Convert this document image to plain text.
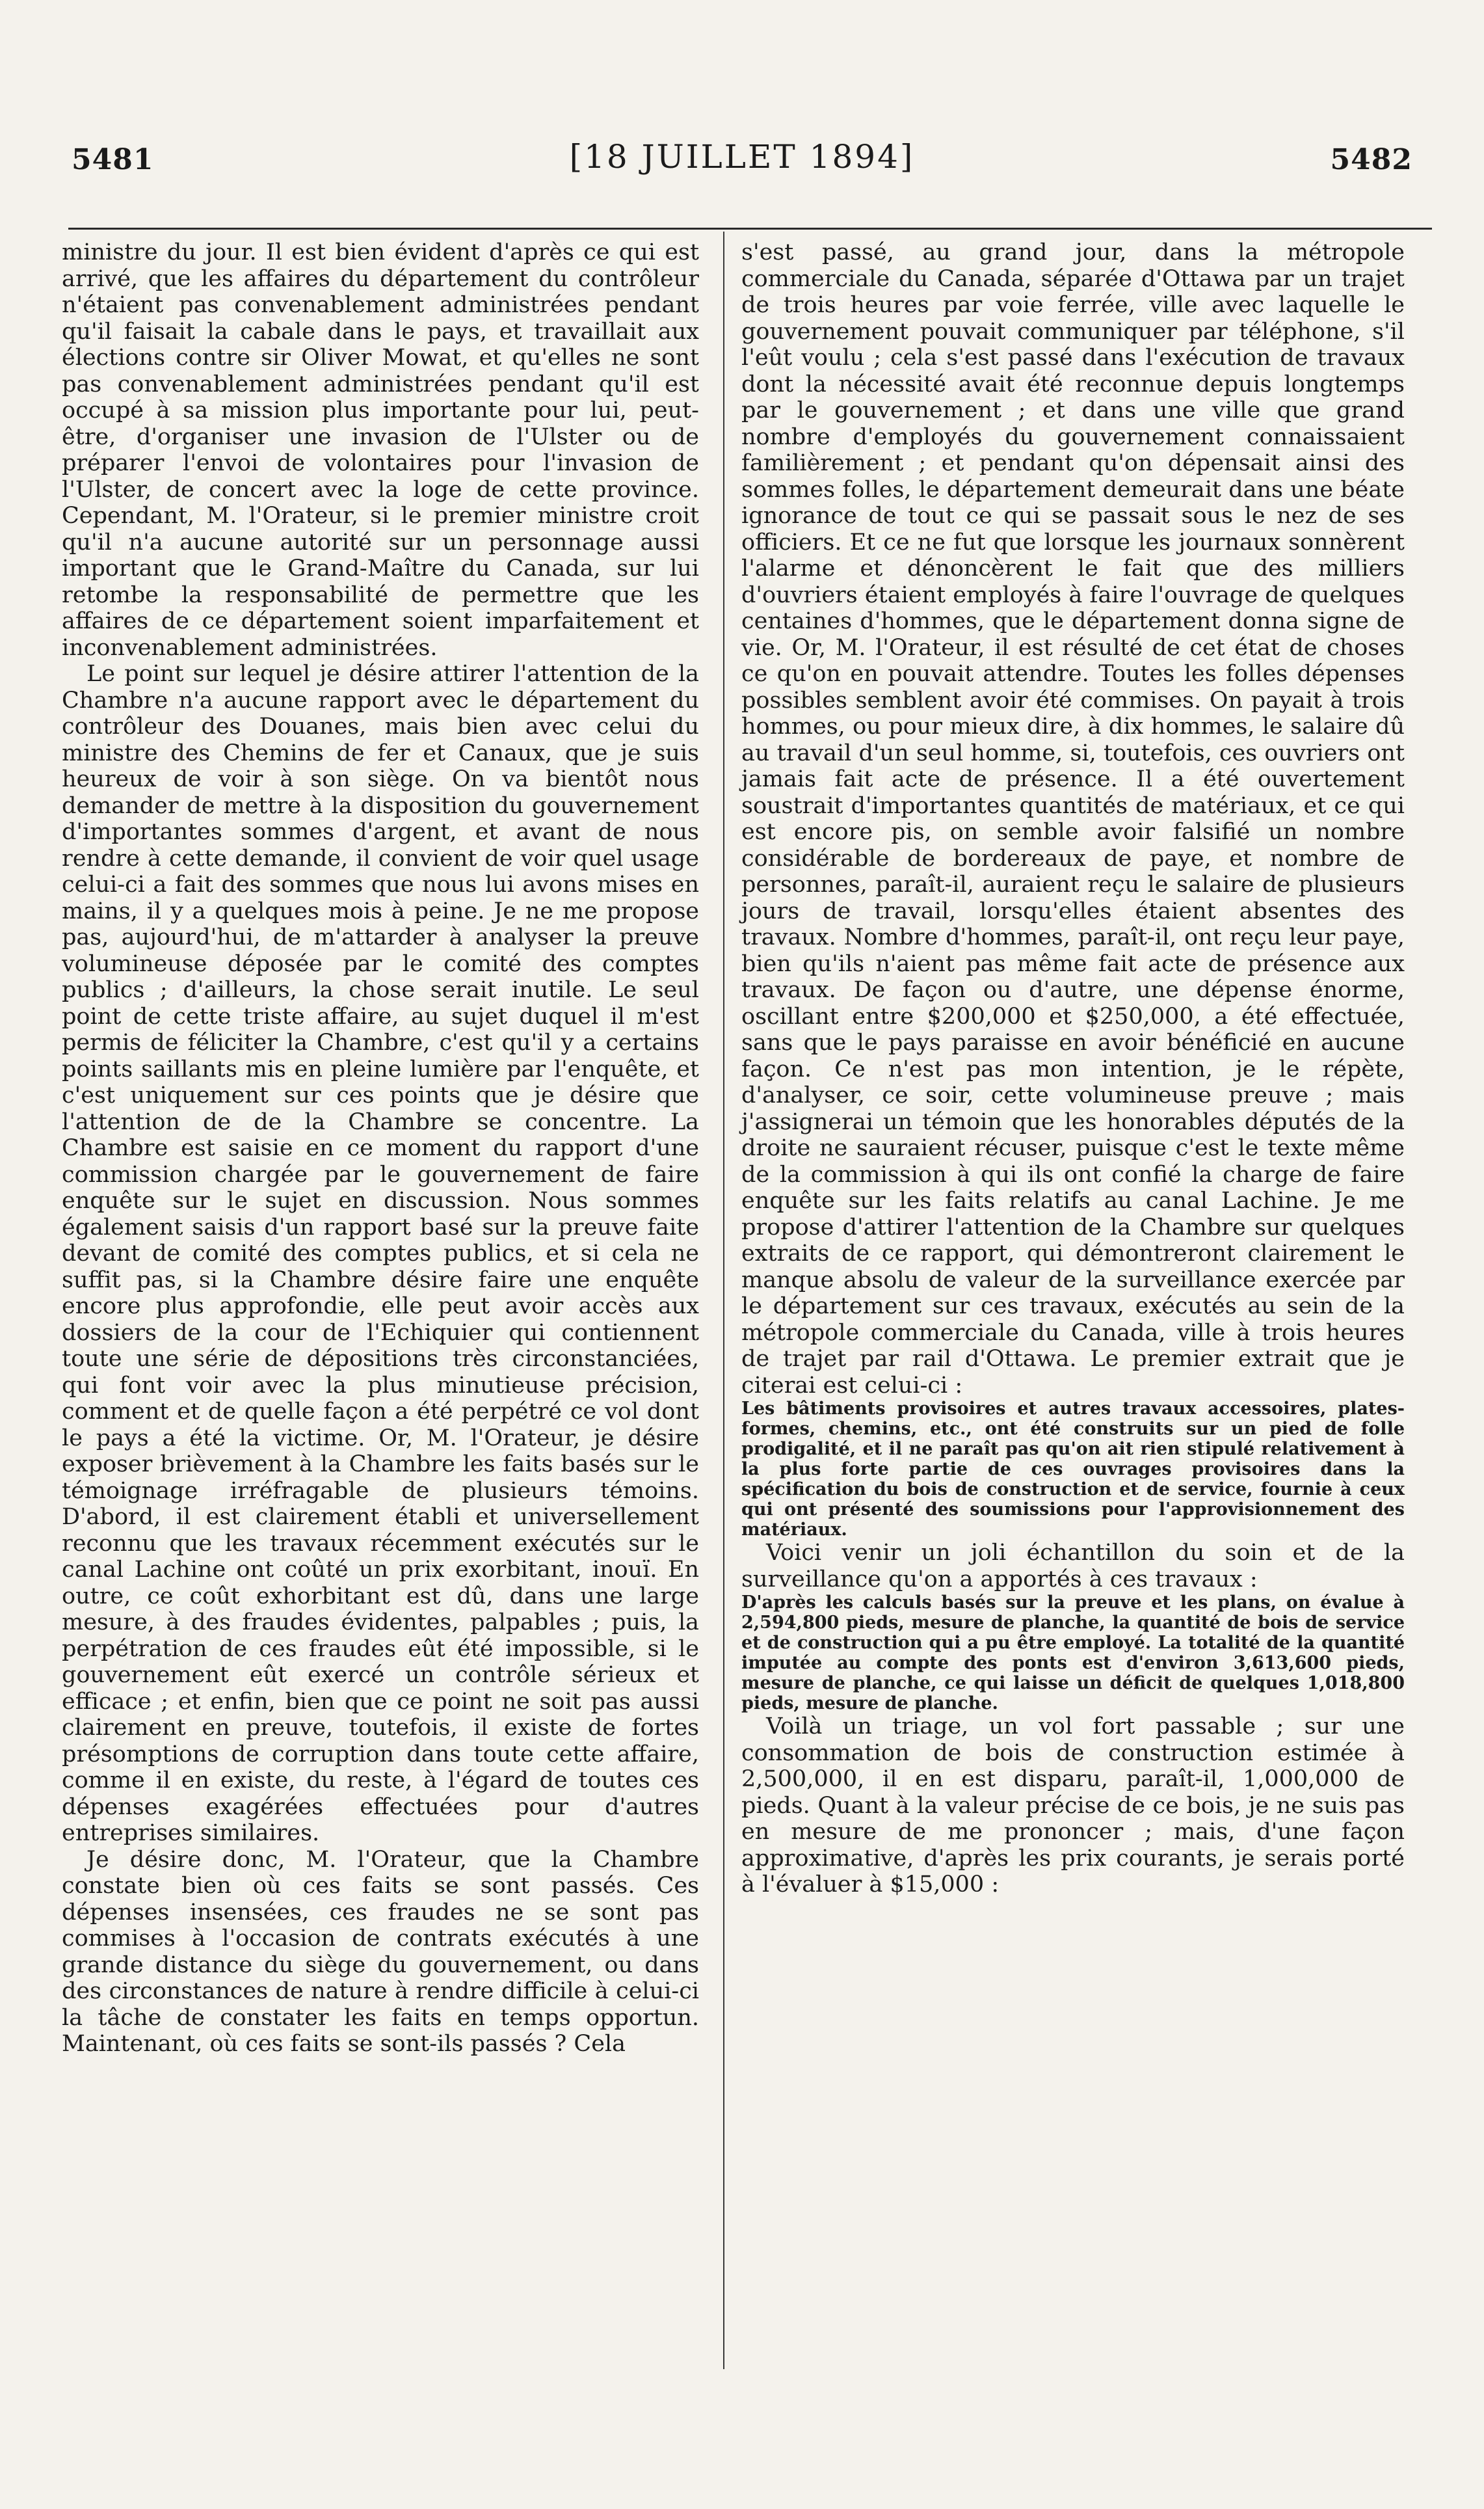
5481	[18 JUILLET 1894]	5482

ministre du jour. Il est bien évident d'après ce qui est arrivé, que les affaires du département du contrôleur n'étaient pas convenablement administrées pendant qu'il faisait la cabale dans le pays, et travaillait aux élections contre sir Oliver Mowat, et qu'elles ne sont pas convenablement administrées pendant qu'il est occupé à sa mission plus importante pour lui, peut-être, d'organiser une invasion de l'Ulster ou de préparer l'envoi de volontaires pour l'invasion de l'Ulster, de concert avec la loge de cette province. Cependant, M. l'Orateur, si le premier ministre croit qu'il n'a aucune autorité sur un personnage aussi important que le Grand-Maître du Canada, sur lui retombe la responsabilité de permettre que les affaires de ce département soient imparfaitement et inconvenablement administrées.

Le point sur lequel je désire attirer l'attention de la Chambre n'a aucune rapport avec le département du contrôleur des Douanes, mais bien avec celui du ministre des Chemins de fer et Canaux, que je suis heureux de voir à son siège. On va bientôt nous demander de mettre à la disposition du gouvernement d'importantes sommes d'argent, et avant de nous rendre à cette demande, il convient de voir quel usage celui-ci a fait des sommes que nous lui avons mises en mains, il y a quelques mois à peine. Je ne me propose pas, aujourd'hui, de m'attarder à analyser la preuve volumineuse déposée par le comité des comptes publics ; d'ailleurs, la chose serait inutile. Le seul point de cette triste affaire, au sujet duquel il m'est permis de féliciter la Chambre, c'est qu'il y a certains points saillants mis en pleine lumière par l'enquête, et c'est uniquement sur ces points que je désire que l'attention de de la Chambre se concentre. La Chambre est saisie en ce moment du rapport d'une commission chargée par le gouvernement de faire enquête sur le sujet en discussion. Nous sommes également saisis d'un rapport basé sur la preuve faite devant de comité des comptes publics, et si cela ne suffit pas, si la Chambre désire faire une enquête encore plus approfondie, elle peut avoir accès aux dossiers de la cour de l'Echiquier qui contiennent toute une série de dépositions très circonstanciées, qui font voir avec la plus minutieuse précision, comment et de quelle façon a été perpétré ce vol dont le pays a été la victime. Or, M. l'Orateur, je désire exposer brièvement à la Chambre les faits basés sur le témoignage irréfragable de plusieurs témoins. D'abord, il est clairement établi et universellement reconnu que les travaux récemment exécutés sur le canal Lachine ont coûté un prix exorbitant, inouï. En outre, ce coût exhorbitant est dû, dans une large mesure, à des fraudes évidentes, palpables ; puis, la perpétration de ces fraudes eût été impossible, si le gouvernement eût exercé un contrôle sérieux et efficace ; et enfin, bien que ce point ne soit pas aussi clairement en preuve, toutefois, il existe de fortes présomptions de corruption dans toute cette affaire, comme il en existe, du reste, à l'égard de toutes ces dépenses exagérées effectuées pour d'autres entreprises similaires.

Je désire donc, M. l'Orateur, que la Chambre constate bien où ces faits se sont passés. Ces dépenses insensées, ces fraudes ne se sont pas commises à l'occasion de contrats exécutés à une grande distance du siège du gouvernement, ou dans des circonstances de nature à rendre difficile à celui-ci la tâche de constater les faits en temps opportun. Maintenant, où ces faits se sont-ils passés ? Cela

s'est passé, au grand jour, dans la métropole commerciale du Canada, séparée d'Ottawa par un trajet de trois heures par voie ferrée, ville avec laquelle le gouvernement pouvait communiquer par téléphone, s'il l'eût voulu ; cela s'est passé dans l'exécution de travaux dont la nécessité avait été reconnue depuis longtemps par le gouvernement ; et dans une ville que grand nombre d'employés du gouvernement connaissaient familièrement ; et pendant qu'on dépensait ainsi des sommes folles, le département demeurait dans une béate ignorance de tout ce qui se passait sous le nez de ses officiers. Et ce ne fut que lorsque les journaux sonnèrent l'alarme et dénoncèrent le fait que des milliers d'ouvriers étaient employés à faire l'ouvrage de quelques centaines d'hommes, que le département donna signe de vie. Or, M. l'Orateur, il est résulté de cet état de choses ce qu'on en pouvait attendre. Toutes les folles dépenses possibles semblent avoir été commises. On payait à trois hommes, ou pour mieux dire, à dix hommes, le salaire dû au travail d'un seul homme, si, toutefois, ces ouvriers ont jamais fait acte de présence. Il a été ouvertement soustrait d'importantes quantités de matériaux, et ce qui est encore pis, on semble avoir falsifié un nombre considérable de bordereaux de paye, et nombre de personnes, paraît-il, auraient reçu le salaire de plusieurs jours de travail, lorsqu'elles étaient absentes des travaux. Nombre d'hommes, paraît-il, ont reçu leur paye, bien qu'ils n'aient pas même fait acte de présence aux travaux. De façon ou d'autre, une dépense énorme, oscillant entre $200,000 et $250,000, a été effectuée, sans que le pays paraisse en avoir bénéficié en aucune façon. Ce n'est pas mon intention, je le répète, d'analyser, ce soir, cette volumineuse preuve ; mais j'assignerai un témoin que les honorables députés de la droite ne sauraient récuser, puisque c'est le texte même de la commission à qui ils ont confié la charge de faire enquête sur les faits relatifs au canal Lachine. Je me propose d'attirer l'attention de la Chambre sur quelques extraits de ce rapport, qui démontreront clairement le manque absolu de valeur de la surveillance exercée par le département sur ces travaux, exécutés au sein de la métropole commerciale du Canada, ville à trois heures de trajet par rail d'Ottawa. Le premier extrait que je citerai est celui-ci :

Les bâtiments provisoires et autres travaux accessoires, plates-formes, chemins, etc., ont été construits sur un pied de folle prodigalité, et il ne paraît pas qu'on ait rien stipulé relativement à la plus forte partie de ces ouvrages provisoires dans la spécification du bois de construction et de service, fournie à ceux qui ont présenté des soumissions pour l'approvisionnement des matériaux.

Voici venir un joli échantillon du soin et de la surveillance qu'on a apportés à ces travaux :

D'après les calculs basés sur la preuve et les plans, on évalue à 2,594,800 pieds, mesure de planche, la quantité de bois de service et de construction qui a pu être employé. La totalité de la quantité imputée au compte des ponts est d'environ 3,613,600 pieds, mesure de planche, ce qui laisse un déficit de quelques 1,018,800 pieds, mesure de planche.

Voilà un triage, un vol fort passable ; sur une consommation de bois de construction estimée à 2,500,000, il en est disparu, paraît-il, 1,000,000 de pieds. Quant à la valeur précise de ce bois, je ne suis pas en mesure de me prononcer ; mais, d'une façon approximative, d'après les prix courants, je serais porté à l'évaluer à $15,000 :
